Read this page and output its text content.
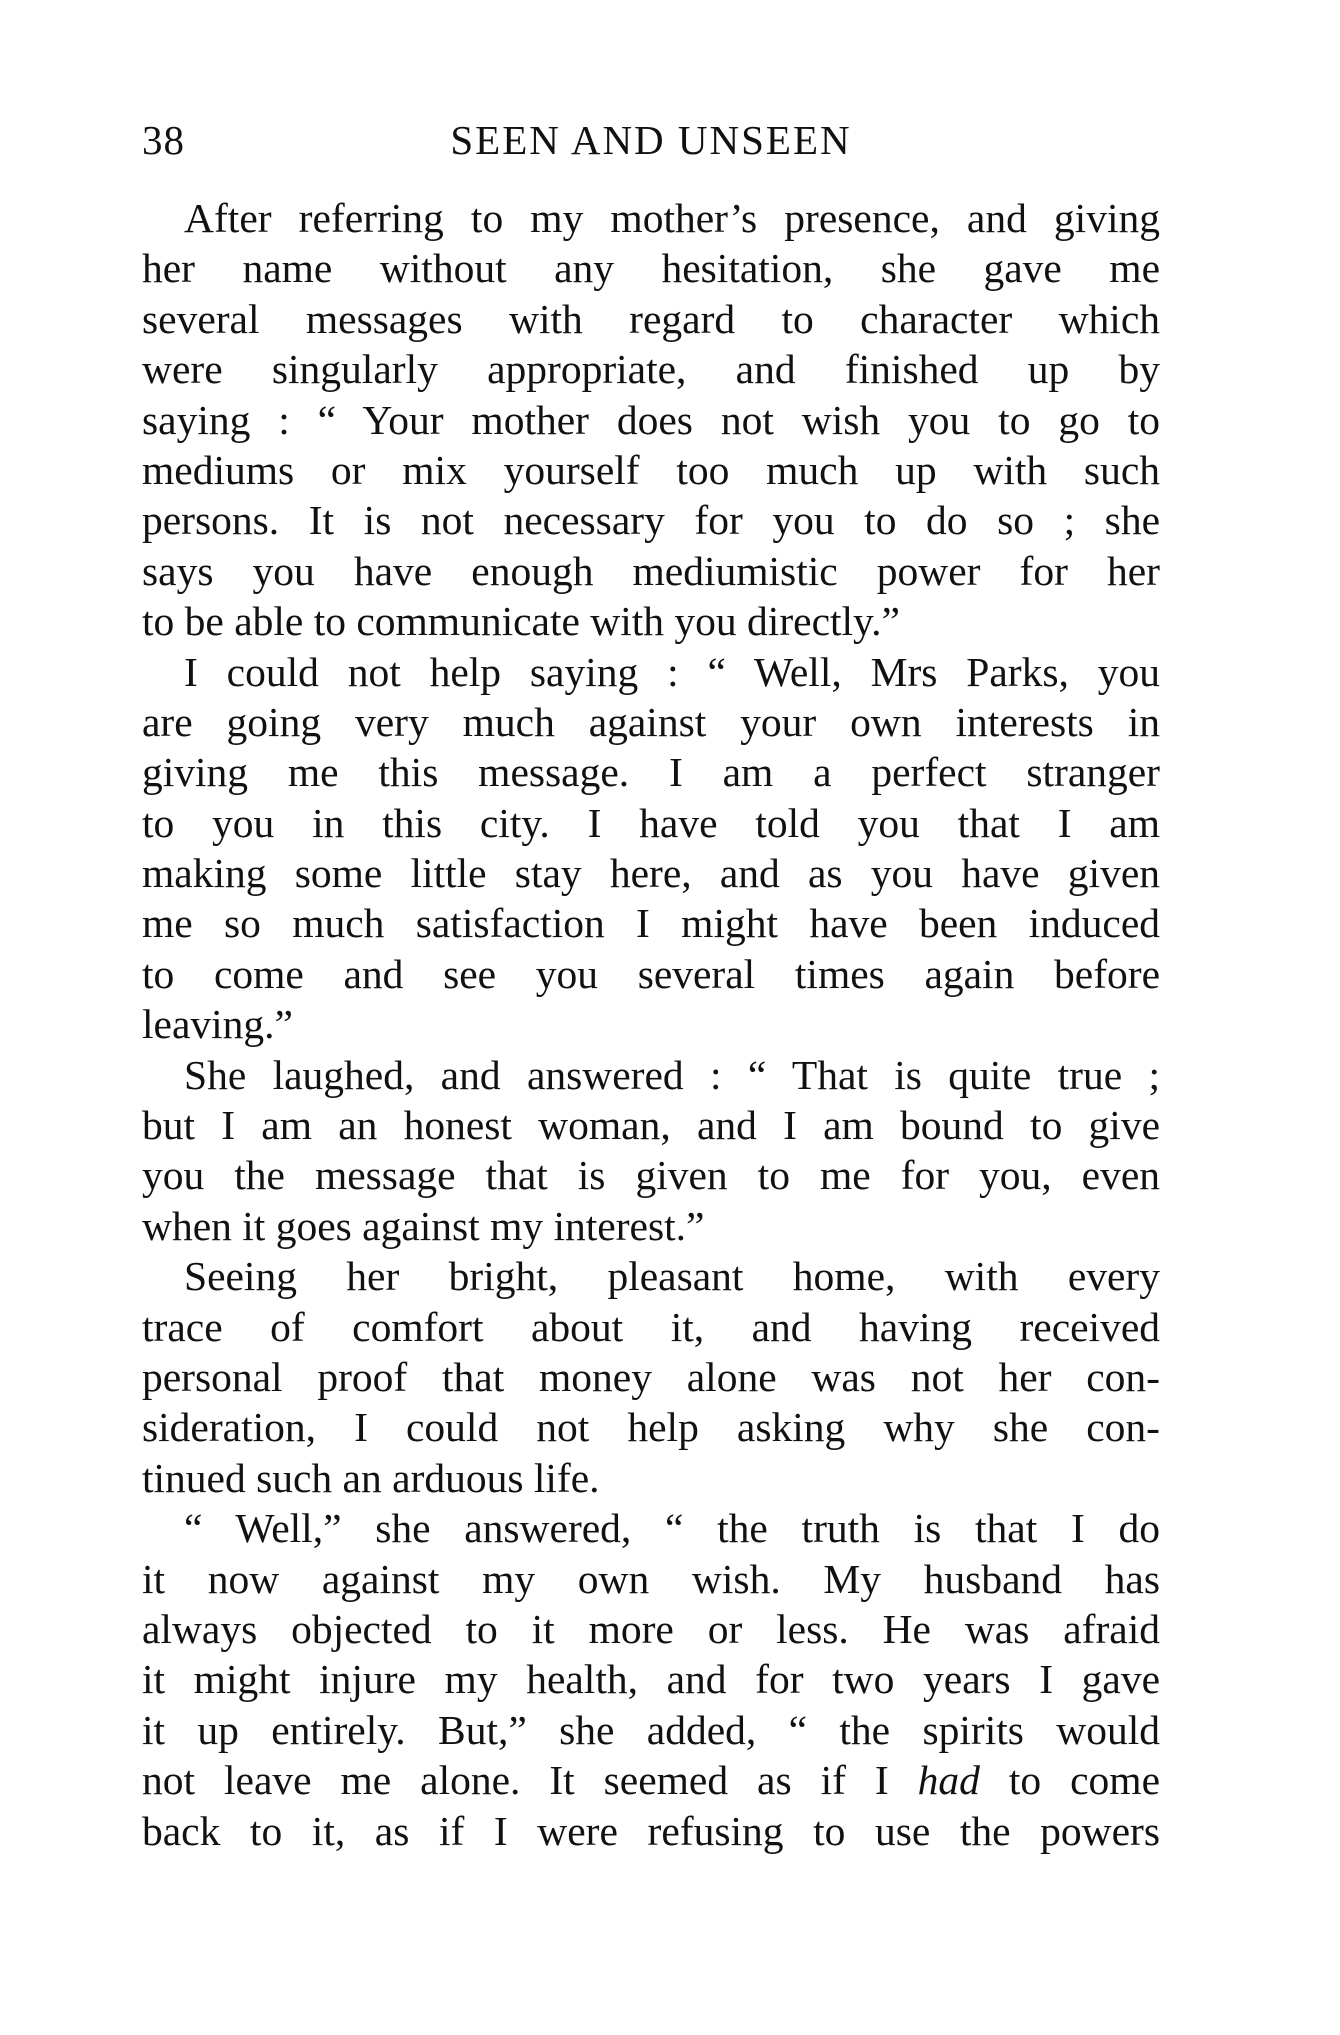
38	SEEN AND UNSEEN
After referring to my mother’s presence, and giving
her name without any hesitation, she gave me
several messages with regard to character which
were singularly appropriate, and finished up by
saying : “ Your mother does not wish you to go to
mediums or mix yourself too much up with such
persons. It is not necessary for you to do so ; she
says you have enough mediumistic power for her
to be able to communicate with you directly.”
I could not help saying : “ Well, Mrs Parks, you
are going very much against your own interests in
giving me this message. I am a perfect stranger
to you in this city. I have told you that I am
making some little stay here, and as you have given
me so much satisfaction I might have been induced
to come and see you several times again before
leaving.”
She laughed, and answered : “ That is quite true ;
but I am an honest woman, and I am bound to give
you the message that is given to me for you, even
when it goes against my interest.”
Seeing her bright, pleasant home, with every
trace of comfort about it, and having received
personal proof that money alone was not her con-
sideration, I could not help asking why she con-
tinued such an arduous life.
“ Well,” she answered, “ the truth is that I do
it now against my own wish. My husband has
always objected to it more or less. He was afraid
it might injure my health, and for two years I gave
it up entirely. But,” she added, “ the spirits would
not leave me alone. It seemed as if I had to come
back to it, as if I were refusing to use the powers
